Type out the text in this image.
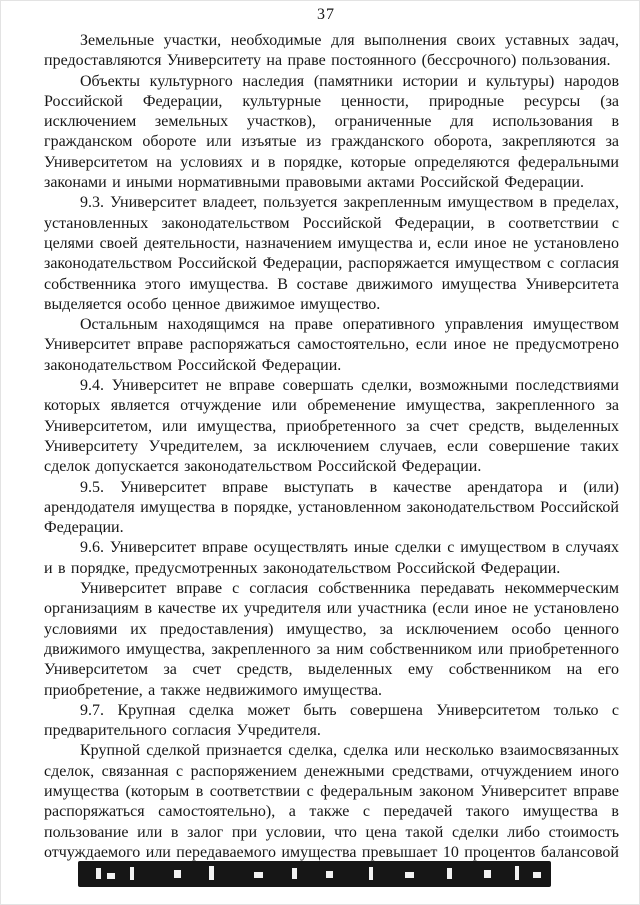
37

Земельные участки, необходимые для выполнения своих уставных задач, предоставляются Университету на праве постоянного (бессрочного) пользования.

Объекты культурного наследия (памятники истории и культуры) народов Российской Федерации, культурные ценности, природные ресурсы (за исключением земельных участков), ограниченные для использования в гражданском обороте или изъятые из гражданского оборота, закрепляются за Университетом на условиях и в порядке, которые определяются федеральными законами и иными нормативными правовыми актами Российской Федерации.

9.3. Университет владеет, пользуется закрепленным имуществом в пределах, установленных законодательством Российской Федерации, в соответствии с целями своей деятельности, назначением имущества и, если иное не установлено законодательством Российской Федерации, распоряжается имуществом с согласия собственника этого имущества. В составе движимого имущества Университета выделяется особо ценное движимое имущество.

Остальным находящимся на праве оперативного управления имуществом Университет вправе распоряжаться самостоятельно, если иное не предусмотрено законодательством Российской Федерации.

9.4. Университет не вправе совершать сделки, возможными последствиями которых является отчуждение или обременение имущества, закрепленного за Университетом, или имущества, приобретенного за счет средств, выделенных Университету Учредителем, за исключением случаев, если совершение таких сделок допускается законодательством Российской Федерации.

9.5. Университет вправе выступать в качестве арендатора и (или) арендодателя имущества в порядке, установленном законодательством Российской Федерации.

9.6. Университет вправе осуществлять иные сделки с имуществом в случаях и в порядке, предусмотренных законодательством Российской Федерации.

Университет вправе с согласия собственника передавать некоммерческим организациям в качестве их учредителя или участника (если иное не установлено условиями их предоставления) имущество, за исключением особо ценного движимого имущества, закрепленного за ним собственником или приобретенного Университетом за счет средств, выделенных ему собственником на его приобретение, а также недвижимого имущества.

9.7. Крупная сделка может быть совершена Университетом только с предварительного согласия Учредителя.

Крупной сделкой признается сделка, сделка или несколько взаимосвязанных сделок, связанная с распоряжением денежными средствами, отчуждением иного имущества (которым в соответствии с федеральным законом Университет вправе распоряжаться самостоятельно), а также с передачей такого имущества в пользование или в залог при условии, что цена такой сделки либо стоимость отчуждаемого или передаваемого имущества превышает 10 процентов балансовой
